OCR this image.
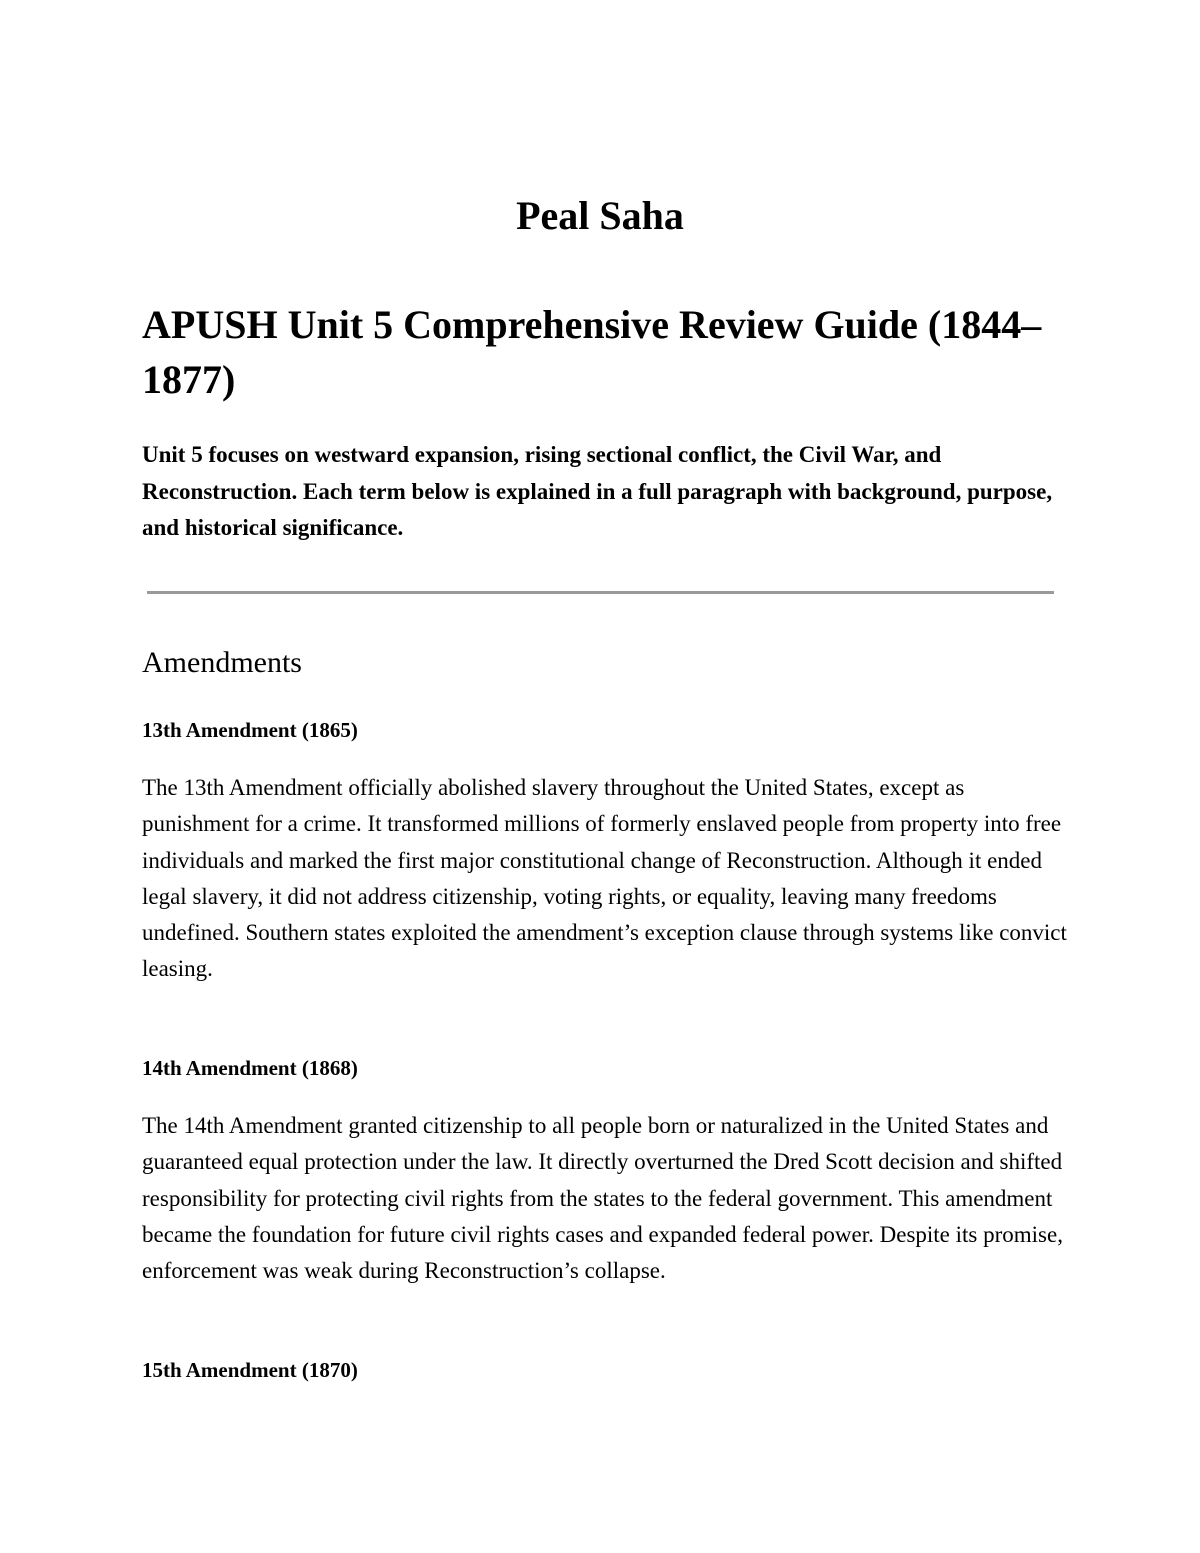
Peal Saha
APUSH Unit 5 Comprehensive Review Guide (1844–1877)

Unit 5 focuses on westward expansion, rising sectional conflict, the Civil War, and Reconstruction. Each term below is explained in a full paragraph with background, purpose, and historical significance.

Amendments
13th Amendment (1865)

The 13th Amendment officially abolished slavery throughout the United States, except as punishment for a crime. It transformed millions of formerly enslaved people from property into free individuals and marked the first major constitutional change of Reconstruction. Although it ended legal slavery, it did not address citizenship, voting rights, or equality, leaving many freedoms undefined. Southern states exploited the amendment’s exception clause through systems like convict leasing.

14th Amendment (1868)

The 14th Amendment granted citizenship to all people born or naturalized in the United States and guaranteed equal protection under the law. It directly overturned the Dred Scott decision and shifted responsibility for protecting civil rights from the states to the federal government. This amendment became the foundation for future civil rights cases and expanded federal power. Despite its promise, enforcement was weak during Reconstruction’s collapse.

15th Amendment (1870)
